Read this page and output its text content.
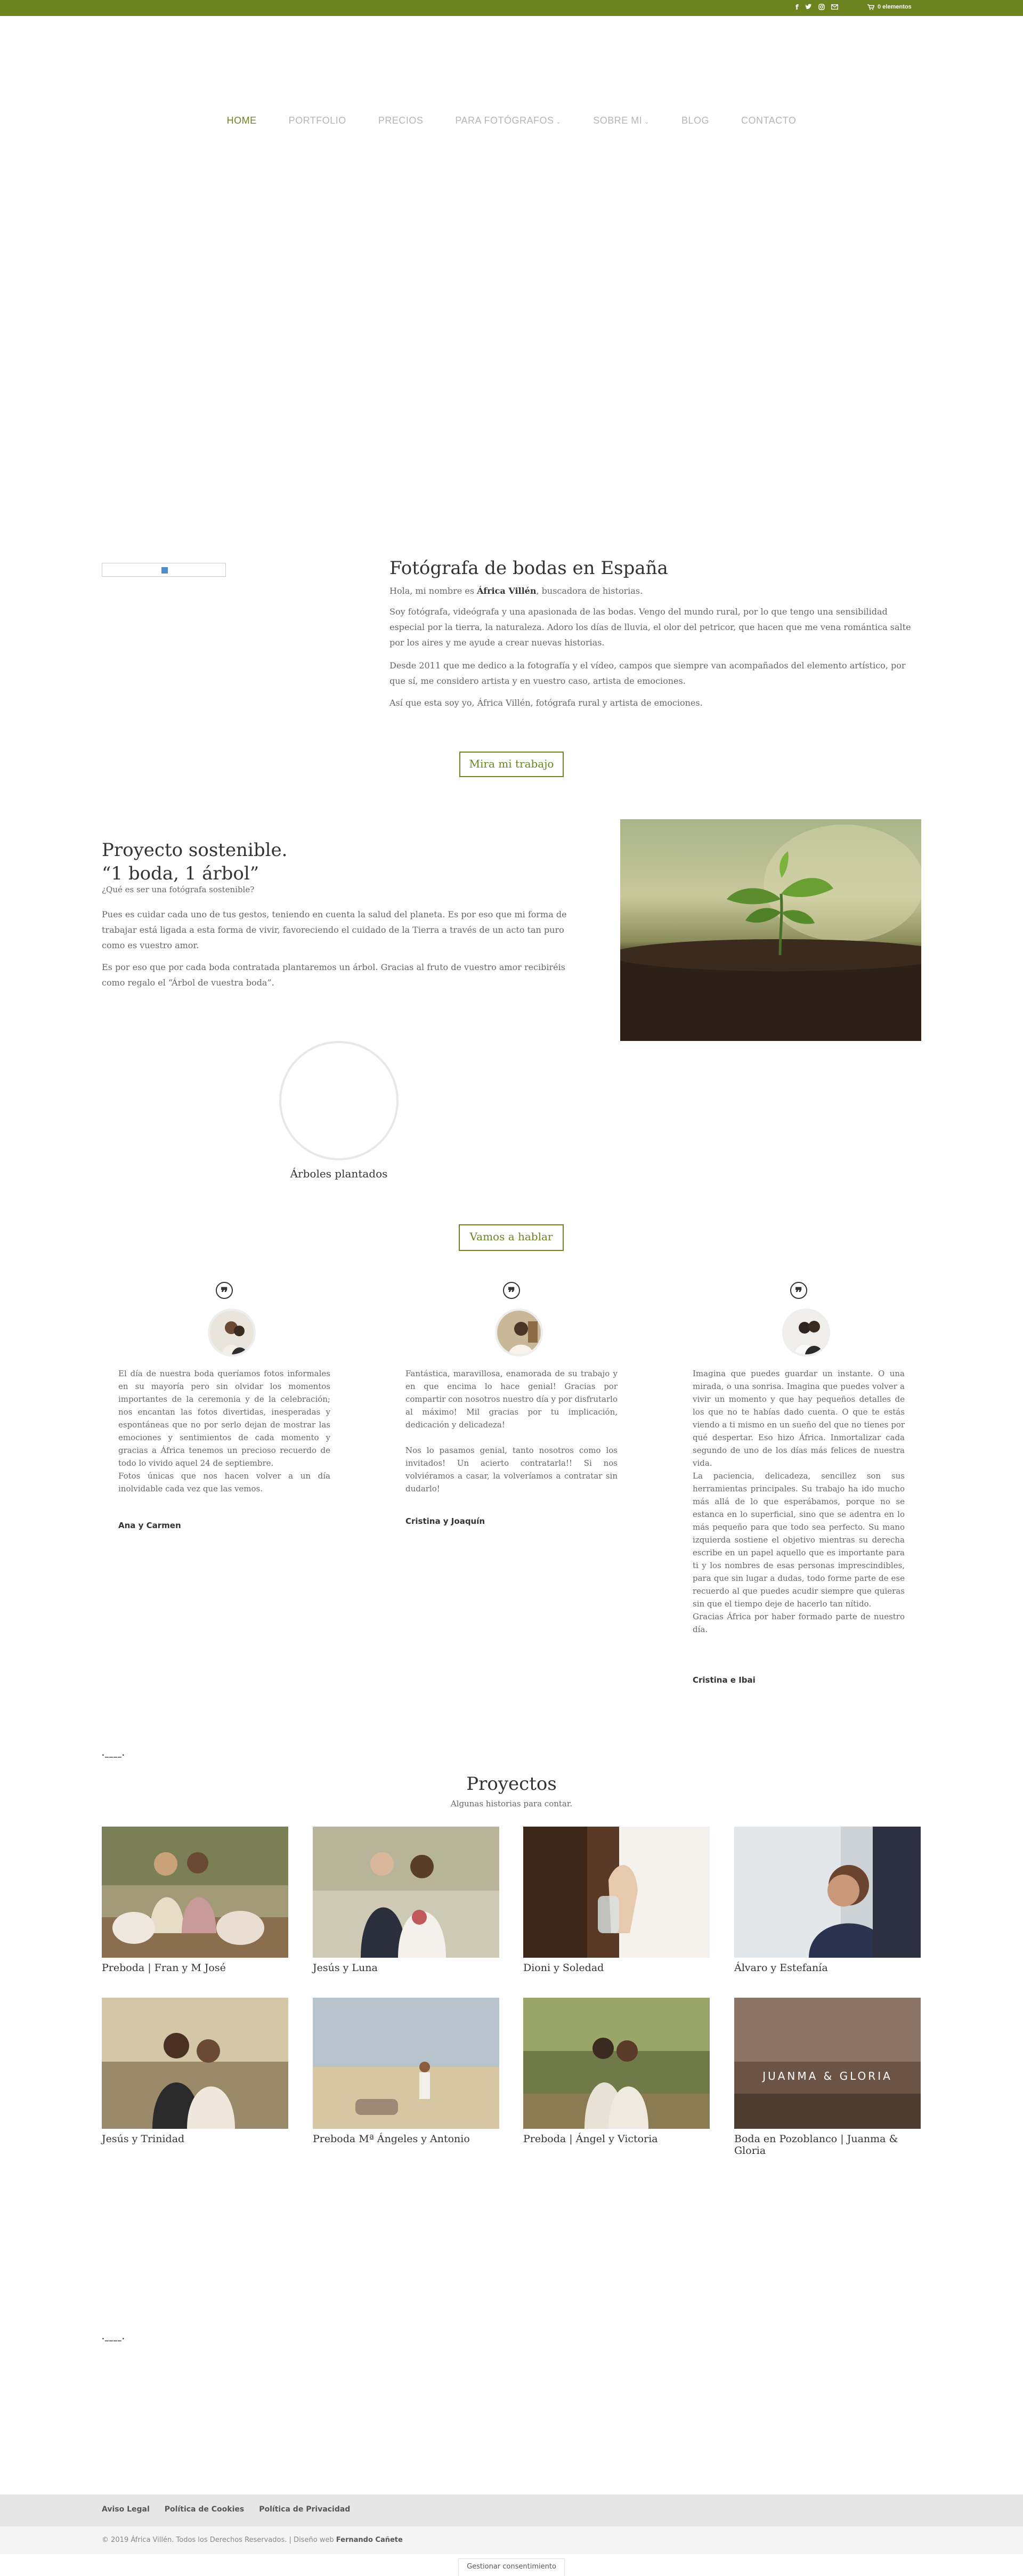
f	0 elementos
HOME	PORTFOLIO	PRECIOS	PARA FOTÓGRAFOS ⌄	SOBRE MI ⌄	BLOG	CONTACTO
Fotógrafa de bodas en España

Hola, mi nombre es África Villén, buscadora de historias.

Soy fotógrafa, videógrafa y una apasionada de las bodas. Vengo del mundo rural, por lo que tengo una sensibilidad especial por la tierra, la naturaleza. Adoro los días de lluvia, el olor del petricor, que hacen que me vena romántica salte por los aires y me ayude a crear nuevas historias.

Desde 2011 que me dedico a la fotografía y el vídeo, campos que siempre van acompañados del elemento artístico, por que sí, me considero artista y en vuestro caso, artista de emociones.

Así que esta soy yo, África Villén, fotógrafa rural y artista de emociones.

Mira mi trabajo
Proyecto sostenible.
“1 boda, 1 árbol”

¿Qué es ser una fotógrafa sostenible?

Pues es cuidar cada uno de tus gestos, teniendo en cuenta la salud del planeta. Es por eso que mi forma de trabajar está ligada a esta forma de vivir, favoreciendo el cuidado de la Tierra a través de un acto tan puro como es vuestro amor.

Es por eso que por cada boda contratada plantaremos un árbol. Gracias al fruto de vuestro amor recibiréis como regalo el “Árbol de vuestra boda”.

Árboles plantados
Vamos a hablar
❞
El día de nuestra boda queríamos fotos informales en su mayoría pero sin olvidar los momentos importantes de la ceremonia y de la celebración; nos encantan las fotos divertidas, inesperadas y espontáneas que no por serlo dejan de mostrar las emociones y sentimientos de cada momento y gracias a África tenemos un precioso recuerdo de todo lo vivido aquel 24 de septiembre.
Fotos únicas que nos hacen volver a un día inolvidable cada vez que las vemos.
Ana y Carmen
❞
Fantástica, maravillosa, enamorada de su trabajo y en que encima lo hace genial! Gracias por compartir con nosotros nuestro día y por disfrutarlo al máximo! Mil gracias por tu implicación, dedicación y delicadeza!

Nos lo pasamos genial, tanto nosotros como los invitados! Un acierto contratarla!! Si nos volviéramos a casar, la volveríamos a contratar sin dudarlo!
Cristina y Joaquín
❞
Imagina que puedes guardar un instante. O una mirada, o una sonrisa. Imagina que puedes volver a vivir un momento y que hay pequeños detalles de los que no te habías dado cuenta. O que te estás viendo a ti mismo en un sueño del que no tienes por qué despertar. Eso hizo África. Inmortalizar cada segundo de uno de los días más felices de nuestra vida.
La paciencia, delicadeza, sencillez son sus herramientas principales. Su trabajo ha ido mucho más allá de lo que esperábamos, porque no se estanca en lo superficial, sino que se adentra en lo más pequeño para que todo sea perfecto. Su mano izquierda sostiene el objetivo mientras su derecha escribe en un papel aquello que es importante para ti y los nombres de esas personas imprescindibles, para que sin lugar a dudas, todo forme parte de ese recuerdo al que puedes acudir siempre que quieras sin que el tiempo deje de hacerlo tan nítido.
Gracias África por haber formado parte de nuestro día.
Cristina e Ibai
.____.
Proyectos

Algunas historias para contar.

Preboda | Fran y M José	Jesús y Luna	Dioni y Soledad	Álvaro y Estefanía
Jesús y Trinidad	Preboda Mª Ángeles y Antonio	Preboda | Ángel y Victoria
JUANMA & GLORIA
Boda en Pozoblanco | Juanma & Gloria
.____.
Aviso Legal Política de Cookies Política de Privacidad
© 2019 África Villén. Todos los Derechos Reservados. | Diseño web Fernando Cañete
Gestionar consentimiento
